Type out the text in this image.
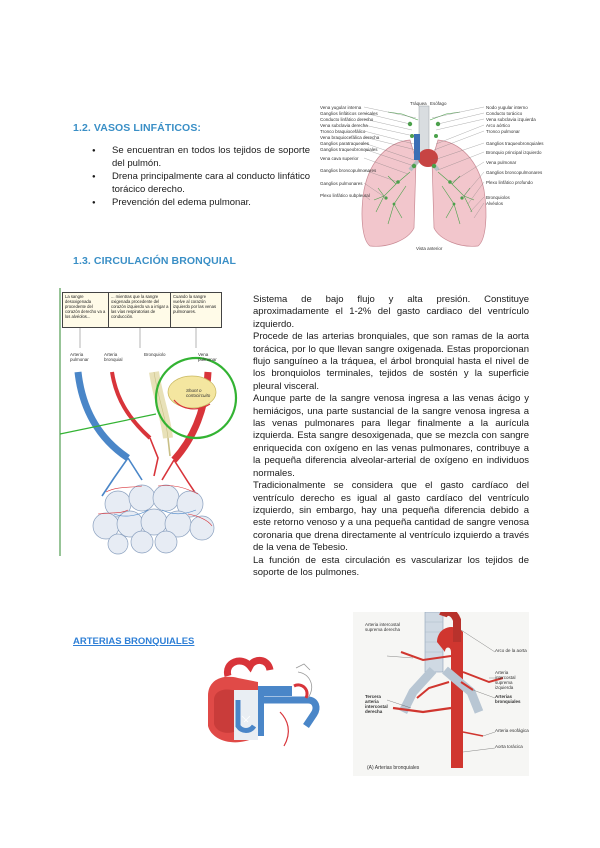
1.2. VASOS LINFÁTICOS:
● Se encuentran en todos los tejidos de soporte del pulmón.
● Drena principalmente cara al conducto linfático torácico derecho.
● Prevención del edema pulmonar.
Tráquea Esófago
Vena yugular interna
Ganglios linfáticos cervicales
Conducto linfático derecho
Vena subclavia derecha
Tronco braquiocefálico
Vena braquiocefálica derecha
Ganglios paratraqueales
Ganglios traqueobronquiales
Vena cava superior
Ganglios broncopulmonares
Ganglios pulmonares
Plexo linfático subpleural
Nodo yugular interno
Conducto torácico
Vena subclavia izquierda
Arco aórtico
Tronco pulmonar
Ganglios traqueobronquiales
Bronquio principal izquierdo
Vena pulmonar
Ganglios broncopulmonares
Plexo linfático profundo
Bronquiolos
Alvéolos
Vista anterior
1.3. CIRCULACIÓN BRONQUIAL
La sangre desoxigenada procedente del corazón derecho va a los alvéolos...
... mientras que la sangre oxigenada procedente del corazón izquierdo va a irrigar a las vías respiratorias de conducción.
Cuando la sangre vuelve al corazón izquierdo por las venas pulmonares.
Arteria pulmonar
Arteria bronquial
Bronquiolo	Vena pulmonar
Shunt o cortocircuito

Sistema de bajo flujo y alta presión. Constituye aproximadamente el 1-2% del gasto cardiaco del ventrículo izquierdo.

Procede de las arterias bronquiales, que son ramas de la aorta torácica, por lo que llevan sangre oxigenada. Estas proporcionan flujo sanguíneo a la tráquea, el árbol bronquial hasta el nivel de los bronquiolos terminales, tejidos de sostén y la superficie pleural visceral.

Aunque parte de la sangre venosa ingresa a las venas ácigo y hemiácigos, una parte sustancial de la sangre venosa ingresa a las venas pulmonares para llegar finalmente a la aurícula izquierda. Esta sangre desoxigenada, que se mezcla con sangre enriquecida con oxígeno en las venas pulmonares, contribuye a la pequeña diferencia alveolar-arterial de oxígeno en individuos normales.

Tradicionalmente se considera que el gasto cardíaco del ventrículo derecho es igual al gasto cardíaco del ventrículo izquierdo, sin embargo, hay una pequeña diferencia debido a este retorno venoso y a una pequeña cantidad de sangre venosa coronaria que drena directamente al ventrículo izquierdo a través de la vena de Tebesio.

La función de esta circulación es vascularizar los tejidos de soporte de los pulmones.

ARTERIAS BRONQUIALES
Arteria intercostal suprema derecha
Tercera arteria intercostal derecha
Arco de la aorta
Arteria intercostal suprema izquierda
Arterias bronquiales
Arteria esofágica
Aorta torácica
(A) Arterias bronquiales
